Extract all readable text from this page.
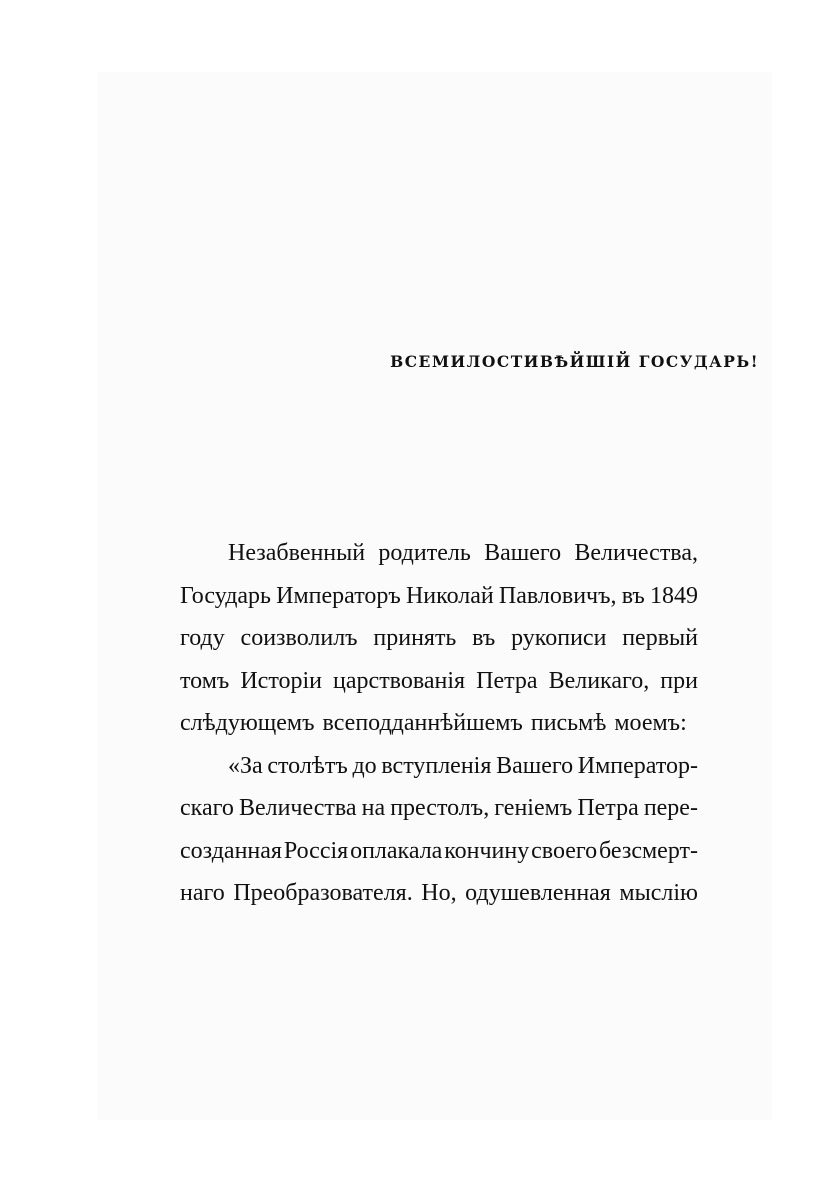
ВСЕМИЛОСТИВѢЙШІЙ ГОСУДАРЬ!
Незабвенный родитель Вашего Величества,
Государь Императоръ Николай Павловичъ, въ 1849
году соизволилъ принять въ рукописи первый
томъ Исторіи царствованія Петра Великаго, при
слѣдующемъ всеподданнѣйшемъ письмѣ моемъ:
«За столѣтъ до вступленія Вашего Император-
скаго Величества на престолъ, геніемъ Петра пере-
созданная Россія оплакала кончину своего безсмерт-
наго Преобразователя. Но, одушевленная мыслію
